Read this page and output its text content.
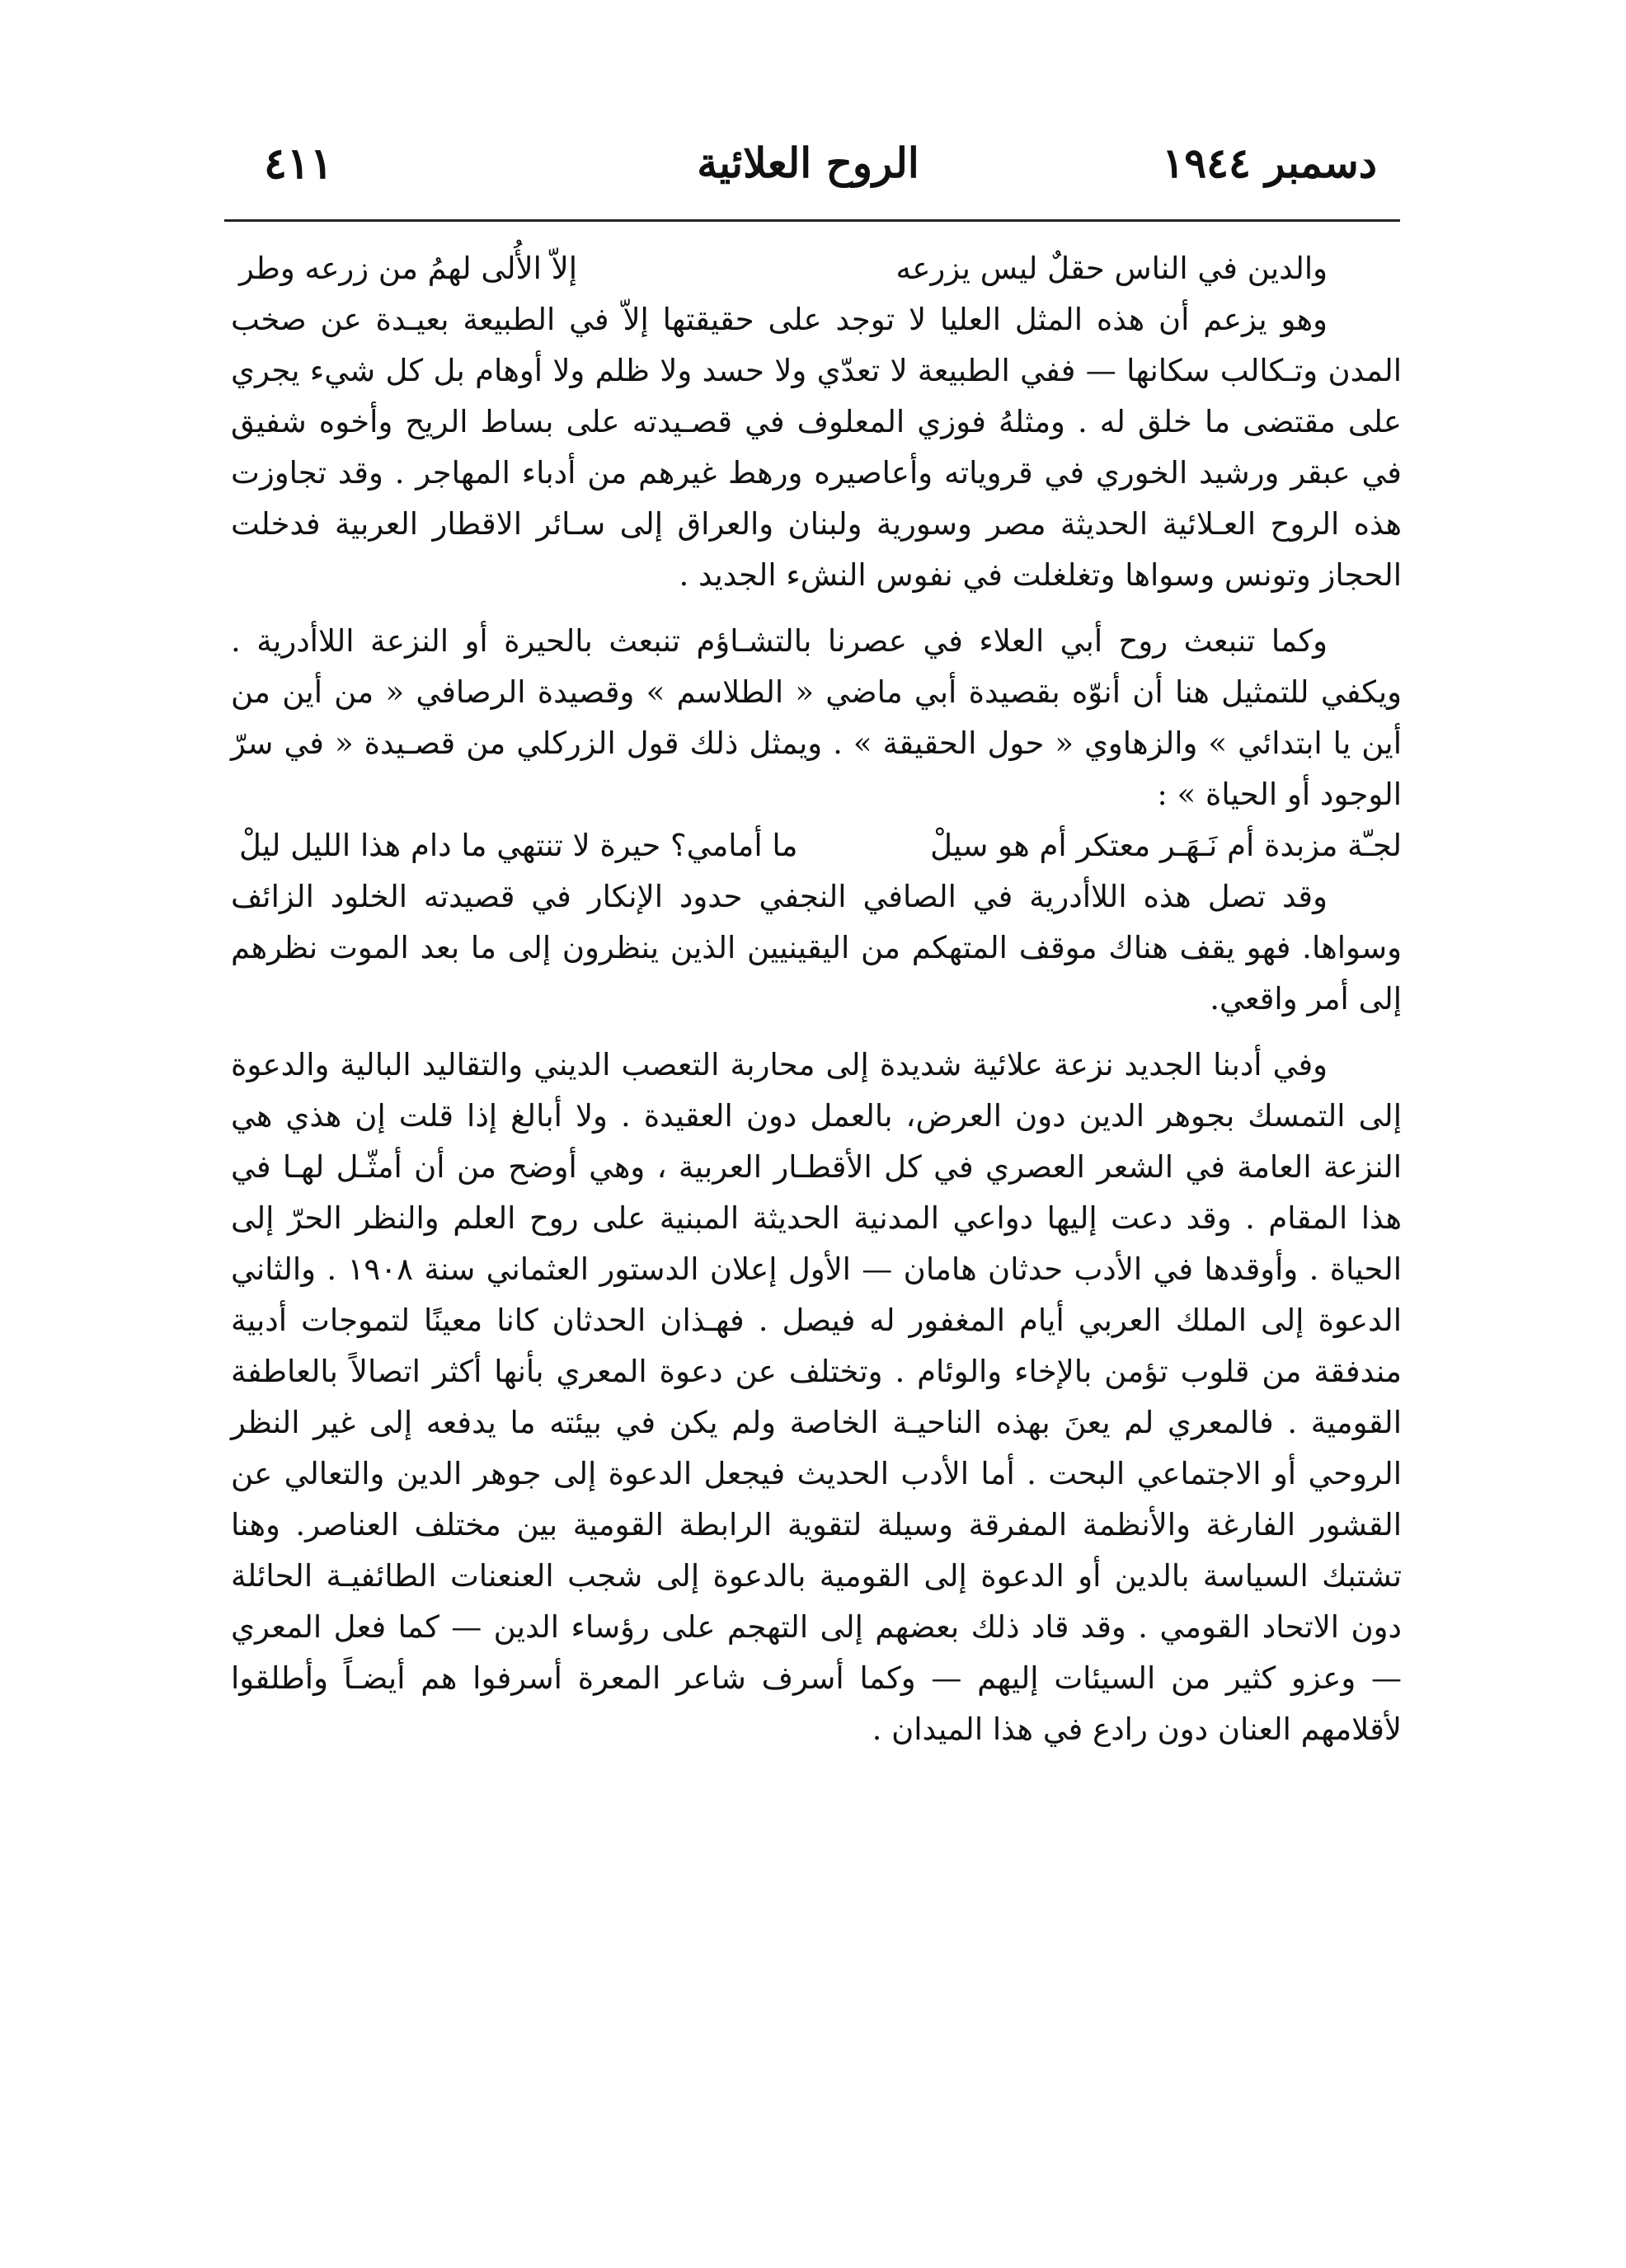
دسمبر ١٩٤٤
الروح العلائية
٤١١
والدين في الناس حقلٌ ليس يزرعه
إلاّ الأُلى لهمُ من زرعه وطر

وهو يزعم أن هذه المثل العليا لا توجد على حقيقتها إلاّ في الطبيعة بعيـدة عن صخب المدن وتـكالب سكانها — ففي الطبيعة لا تعدّي ولا حسد ولا ظلم ولا أوهام بل كل شيء يجري على مقتضى ما خلق له . ومثلهُ فوزي المعلوف في قصـيدته على بساط الريح وأخوه شفيق في عبقر ورشيد الخوري في قروياته وأعاصيره ورهط غيرهم من أدباء المهاجر . وقد تجاوزت هذه الروح العـلائية الحديثة مصر وسورية ولبنان والعراق إلى سـائر الاقطار العربية فدخلت الحجاز وتونس وسواها وتغلغلت في نفوس النشء الجديد .

وكما تنبعث روح أبي العلاء في عصرنا بالتشـاؤم تنبعث بالحيرة أو النزعة اللاأدرية . ويكفي للتمثيل هنا أن أنوّه بقصيدة أبي ماضي « الطلاسم » وقصيدة الرصافي « من أين من أين يا ابتدائي » والزهاوي « حول الحقيقة » . ويمثل ذلك قول الزركلي من قصـيدة « في سرّ الوجود أو الحياة » :

لجـّة مزبدة أم نَـهَـر معتكر أم هو سيلْ
ما أمامي؟ حيرة لا تنتهي ما دام هذا الليل ليلْ

وقد تصل هذه اللاأدرية في الصافي النجفي حدود الإنكار في قصيدته الخلود الزائف وسواها. فهو يقف هناك موقف المتهكم من اليقينيين الذين ينظرون إلى ما بعد الموت نظرهم إلى أمر واقعي.

وفي أدبنا الجديد نزعة علائية شديدة إلى محاربة التعصب الديني والتقاليد البالية والدعوة إلى التمسك بجوهر الدين دون العرض، بالعمل دون العقيدة . ولا أبالغ إذا قلت إن هذي هي النزعة العامة في الشعر العصري في كل الأقطـار العربية ، وهي أوضح من أن أمثّـل لهـا في هذا المقام . وقد دعت إليها دواعي المدنية الحديثة المبنية على روح العلم والنظر الحرّ إلى الحياة . وأوقدها في الأدب حدثان هامان — الأول إعلان الدستور العثماني سنة ١٩٠٨ . والثاني الدعوة إلى الملك العربي أيام المغفور له فيصل . فهـذان الحدثان كانا معينًا لتموجات أدبية مندفقة من قلوب تؤمن بالإخاء والوئام . وتختلف عن دعوة المعري بأنها أكثر اتصالاً بالعاطفة القومية . فالمعري لم يعنَ بهذه الناحيـة الخاصة ولم يكن في بيئته ما يدفعه إلى غير النظر الروحي أو الاجتماعي البحت . أما الأدب الحديث فيجعل الدعوة إلى جوهر الدين والتعالي عن القشور الفارغة والأنظمة المفرقة وسيلة لتقوية الرابطة القومية بين مختلف العناصر. وهنا تشتبك السياسة بالدين أو الدعوة إلى القومية بالدعوة إلى شجب العنعنات الطائفيـة الحائلة دون الاتحاد القومي . وقد قاد ذلك بعضهم إلى التهجم على رؤساء الدين — كما فعل المعري — وعزو كثير من السيئات إليهم — وكما أسرف شاعر المعرة أسرفوا هم أيضـاً وأطلقوا لأقلامهم العنان دون رادع في هذا الميدان .
